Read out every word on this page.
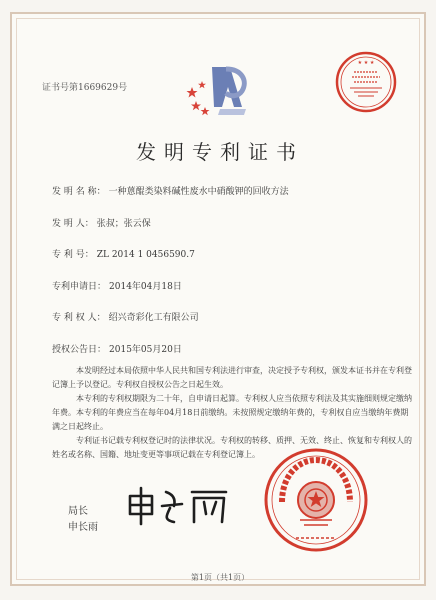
证书号第1669629号
★ ★ ★
发明专利证书
发 明 名 称： 一种蒽醌类染料碱性废水中硝酸钾的回收方法
发 明 人： 张叔；张云保
专 利 号： ZL 2014 1 0456590.7
专利申请日： 2014年04月18日
专 利 权 人： 绍兴奇彩化工有限公司
授权公告日： 2015年05月20日
本发明经过本局依照中华人民共和国专利法进行审查，决定授予专利权，颁发本证书并在专利登记簿上予以登记。专利权自授权公告之日起生效。
本专利的专利权期限为二十年，自申请日起算。专利权人应当依照专利法及其实施细则规定缴纳年费。本专利的年费应当在每年04月18日前缴纳。未按照规定缴纳年费的，专利权自应当缴纳年费期满之日起终止。
专利证书记载专利权登记时的法律状况。专利权的转移、质押、无效、终止、恢复和专利权人的姓名或名称、国籍、地址变更等事项记载在专利登记簿上。
局长
申长雨
第1页（共1页）
